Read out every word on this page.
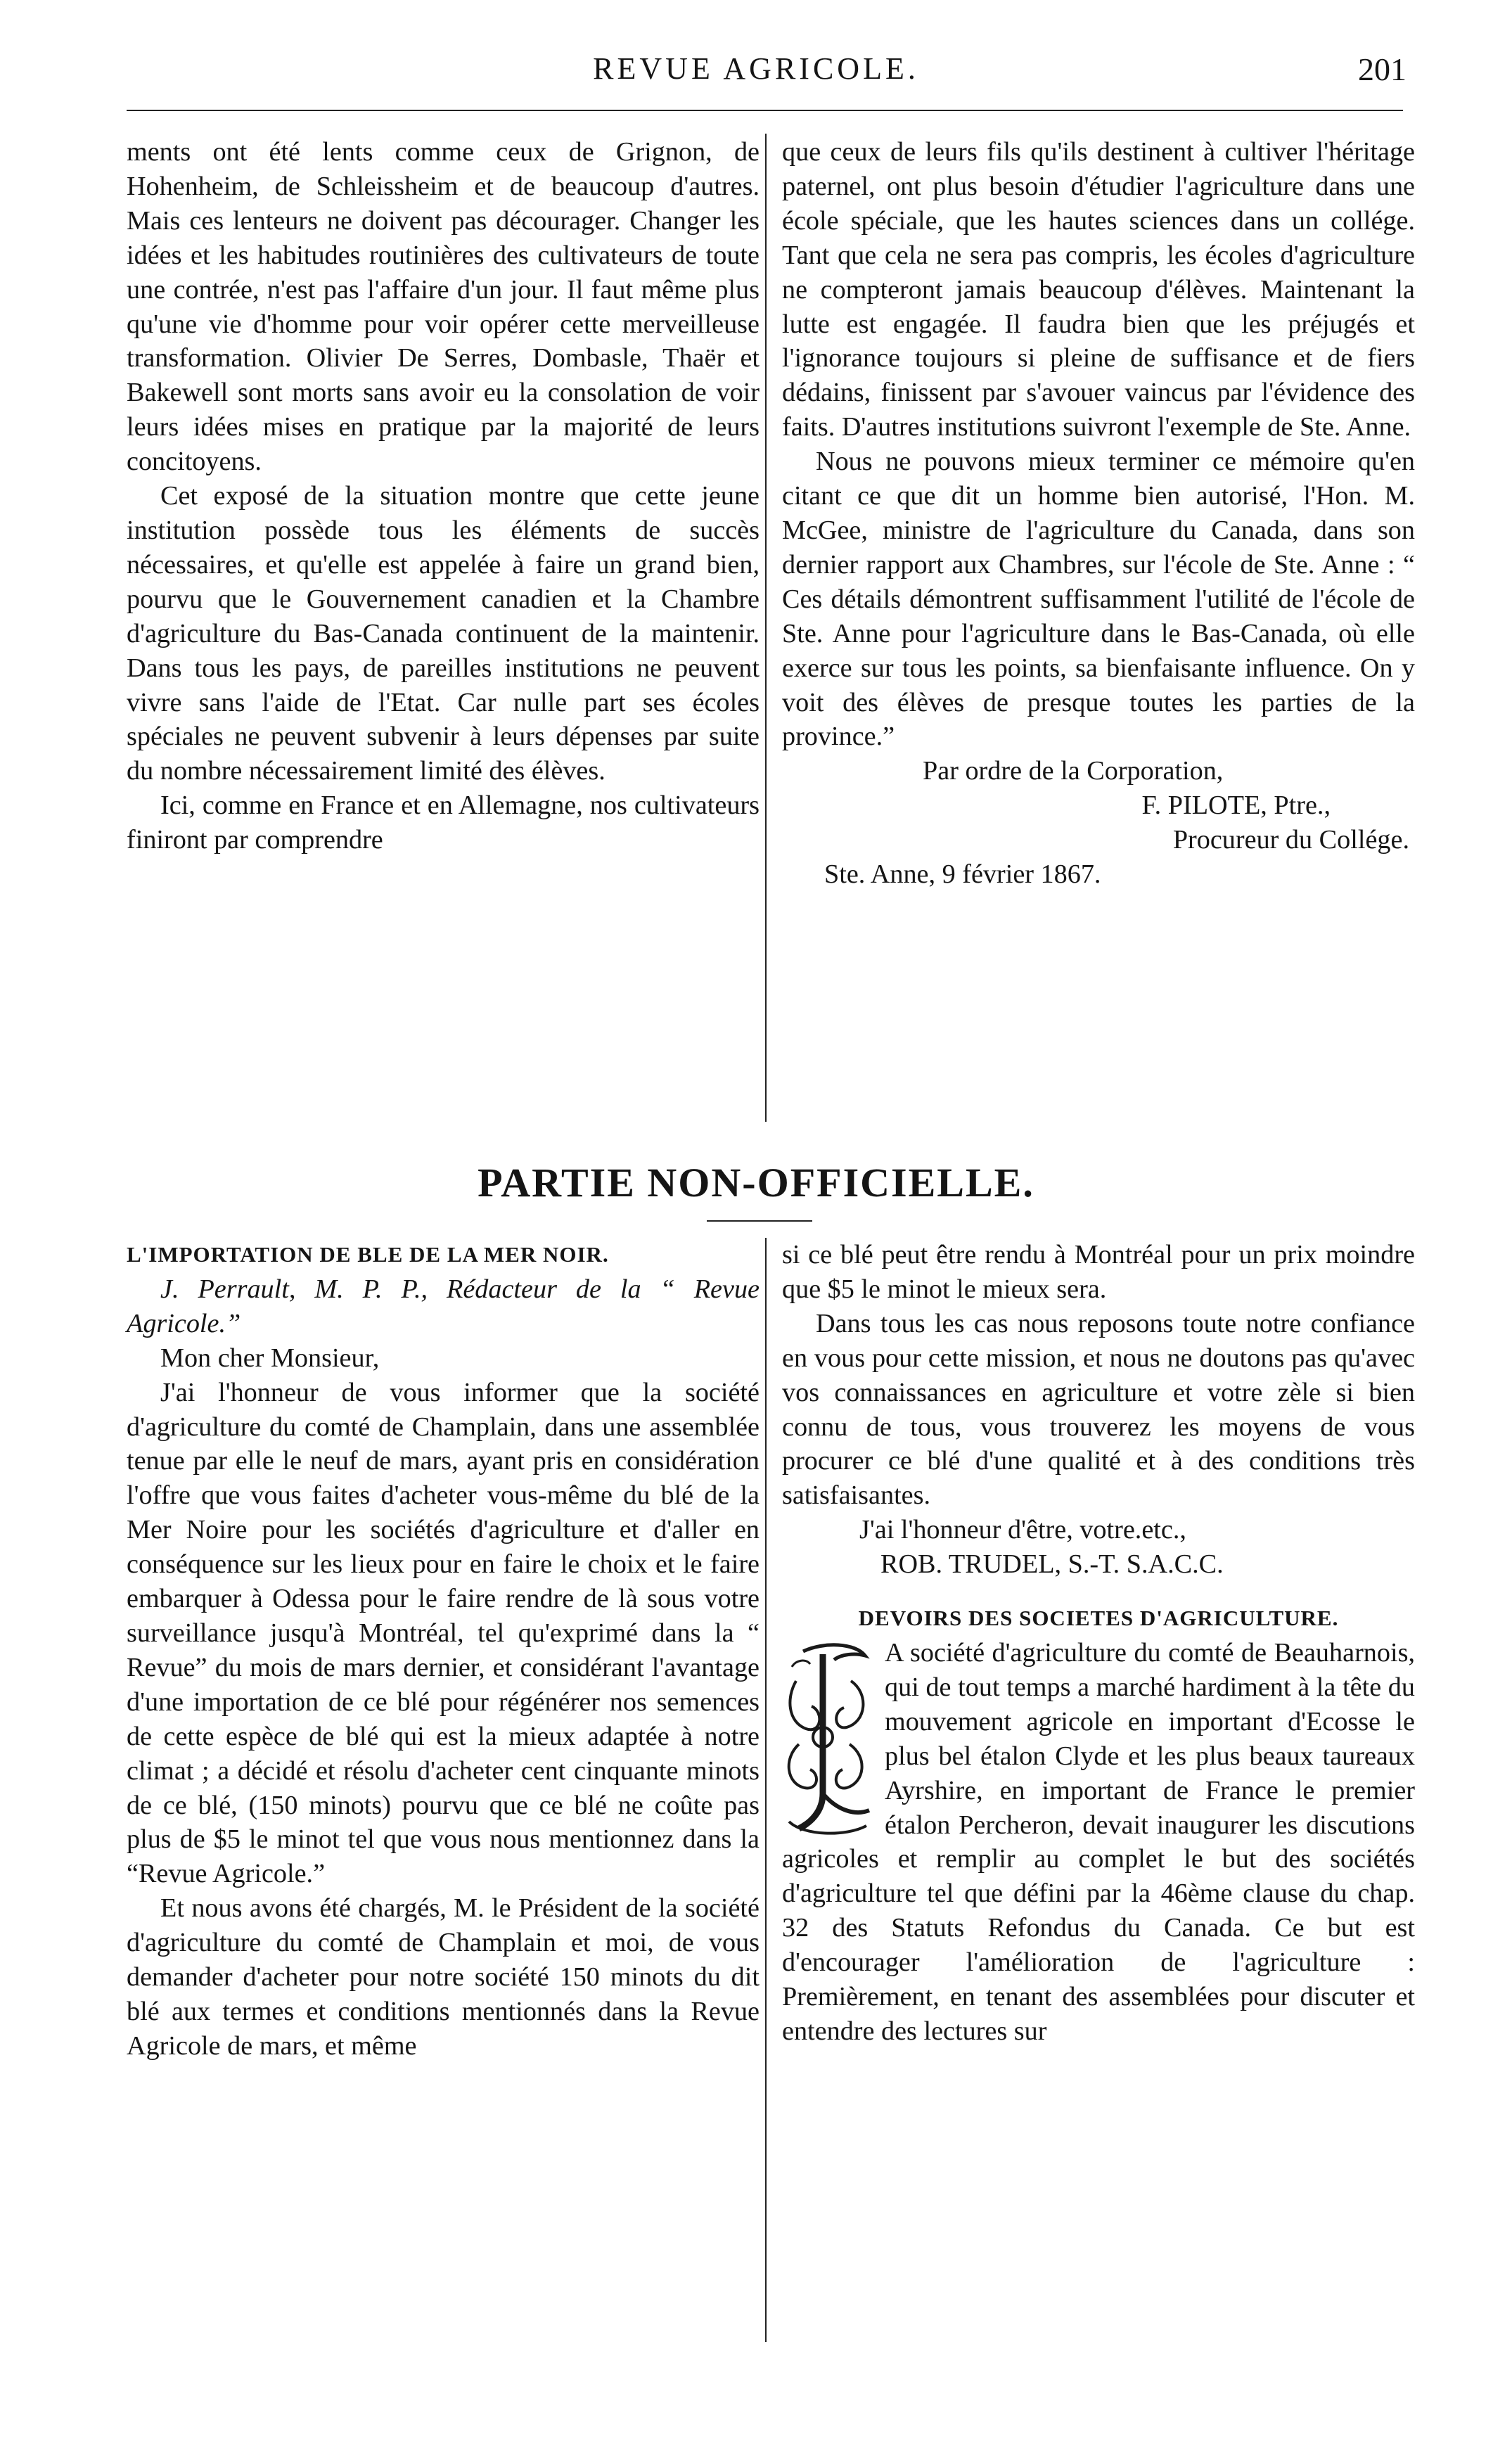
REVUE AGRICOLE.	201

ments ont été lents comme ceux de Grignon, de Hohenheim, de Schleissheim et de beaucoup d'autres. Mais ces lenteurs ne doivent pas décourager. Changer les idées et les habitudes routinières des cultivateurs de toute une contrée, n'est pas l'affaire d'un jour. Il faut même plus qu'une vie d'homme pour voir opérer cette merveilleuse transformation. Olivier De Serres, Dombasle, Thaër et Bakewell sont morts sans avoir eu la consolation de voir leurs idées mises en pratique par la majorité de leurs concitoyens.

Cet exposé de la situation montre que cette jeune institution possède tous les éléments de succès nécessaires, et qu'elle est appelée à faire un grand bien, pourvu que le Gouvernement canadien et la Chambre d'agriculture du Bas-Canada continuent de la maintenir. Dans tous les pays, de pareilles institutions ne peuvent vivre sans l'aide de l'Etat. Car nulle part ses écoles spéciales ne peuvent subvenir à leurs dépenses par suite du nombre nécessairement limité des élèves.

Ici, comme en France et en Allemagne, nos cultivateurs finiront par comprendre

que ceux de leurs fils qu'ils destinent à cultiver l'héritage paternel, ont plus besoin d'étudier l'agriculture dans une école spéciale, que les hautes sciences dans un collége. Tant que cela ne sera pas compris, les écoles d'agriculture ne compteront jamais beaucoup d'élèves. Maintenant la lutte est engagée. Il faudra bien que les préjugés et l'ignorance toujours si pleine de suffisance et de fiers dédains, finissent par s'avouer vaincus par l'évidence des faits. D'autres institutions suivront l'exemple de Ste. Anne.

Nous ne pouvons mieux terminer ce mémoire qu'en citant ce que dit un homme bien autorisé, l'Hon. M. McGee, ministre de l'agriculture du Canada, dans son dernier rapport aux Chambres, sur l'école de Ste. Anne : “ Ces détails démontrent suffisamment l'utilité de l'école de Ste. Anne pour l'agriculture dans le Bas-Canada, où elle exerce sur tous les points, sa bienfaisante influence. On y voit des élèves de presque toutes les parties de la province.”

Par ordre de la Corporation,

F. PILOTE, Ptre.,

Procureur du Collége.

Ste. Anne, 9 février 1867.

PARTIE NON-OFFICIELLE.

L'IMPORTATION DE BLE DE LA MER NOIR.

J. Perrault, M. P. P., Rédacteur de la “ Revue Agricole.”

Mon cher Monsieur,

J'ai l'honneur de vous informer que la société d'agriculture du comté de Champlain, dans une assemblée tenue par elle le neuf de mars, ayant pris en considération l'offre que vous faites d'acheter vous-même du blé de la Mer Noire pour les sociétés d'agriculture et d'aller en conséquence sur les lieux pour en faire le choix et le faire embarquer à Odessa pour le faire rendre de là sous votre surveillance jusqu'à Montréal, tel qu'exprimé dans la “ Revue” du mois de mars dernier, et considérant l'avantage d'une importation de ce blé pour régénérer nos semences de cette espèce de blé qui est la mieux adaptée à notre climat ; a décidé et résolu d'acheter cent cinquante minots de ce blé, (150 minots) pourvu que ce blé ne coûte pas plus de $5 le minot tel que vous nous mentionnez dans la “Revue Agricole.”

Et nous avons été chargés, M. le Président de la société d'agriculture du comté de Champlain et moi, de vous demander d'acheter pour notre société 150 minots du dit blé aux termes et conditions mentionnés dans la Revue Agricole de mars, et même

si ce blé peut être rendu à Montréal pour un prix moindre que $5 le minot le mieux sera.

Dans tous les cas nous reposons toute notre confiance en vous pour cette mission, et nous ne doutons pas qu'avec vos connaissances en agriculture et votre zèle si bien connu de tous, vous trouverez les moyens de vous procurer ce blé d'une qualité et à des conditions très satisfaisantes.

J'ai l'honneur d'être, votre.etc.,

ROB. TRUDEL, S.-T. S.A.C.C.

DEVOIRS DES SOCIETES D'AGRICULTURE.

A société d'agriculture du comté de Beauharnois, qui de tout temps a marché hardiment à la tête du mouvement agricole en important d'Ecosse le plus bel étalon Clyde et les plus beaux taureaux Ayrshire, en important de France le premier étalon Percheron, devait inaugurer les discutions agricoles et remplir au complet le but des sociétés d'agriculture tel que défini par la 46ème clause du chap. 32 des Statuts Refondus du Canada. Ce but est d'encourager l'amélioration de l'agriculture : Premièrement, en tenant des assemblées pour discuter et entendre des lectures sur
